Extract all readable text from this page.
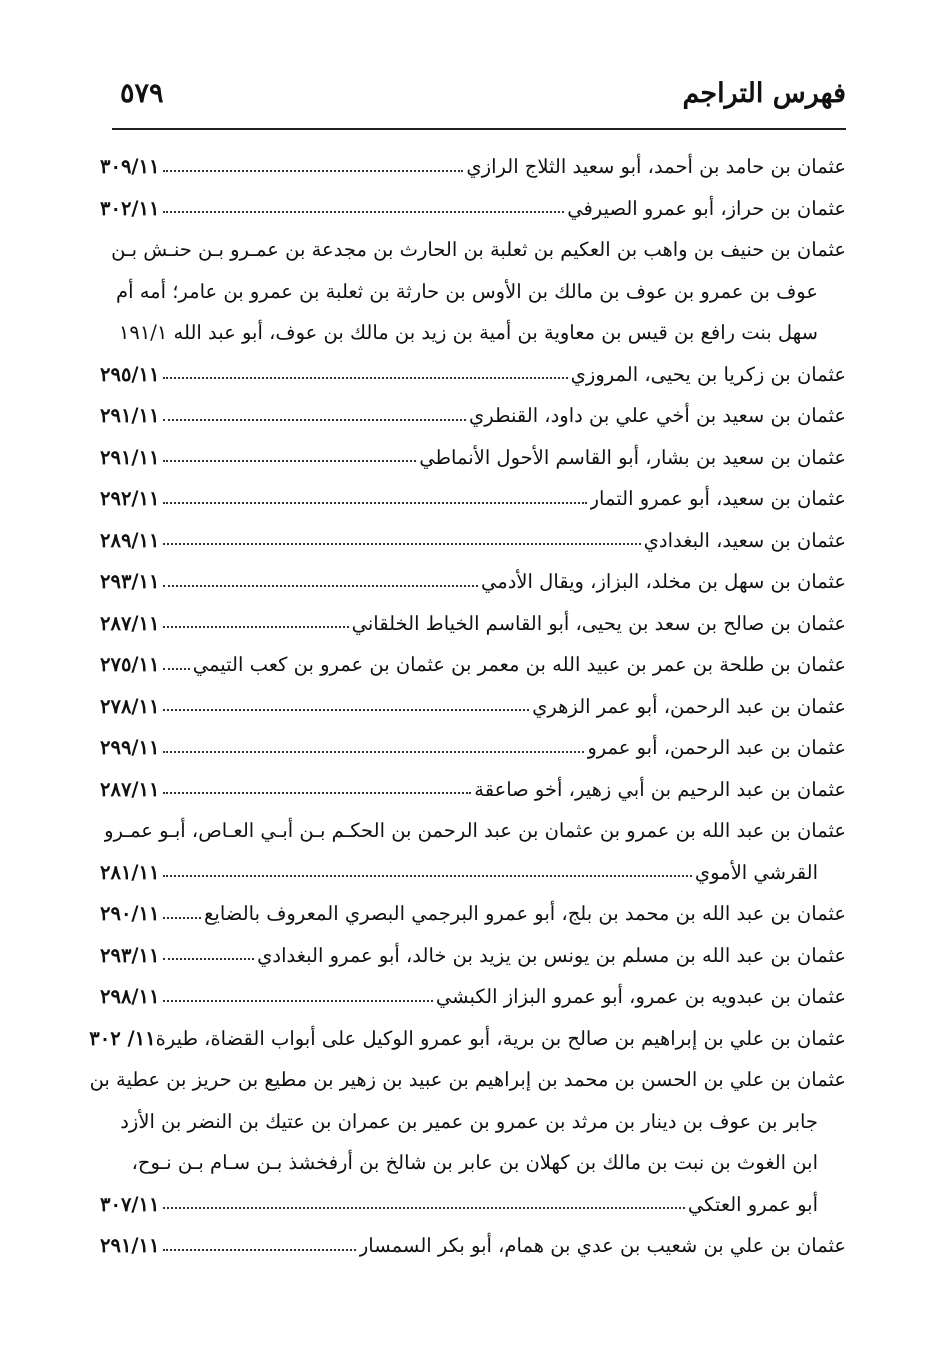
فهرس التراجم
٥٧٩
عثمان بن حامد بن أحمد، أبو سعيد الثلاج الرازي
٣٠٩/١١
عثمان بن حراز، أبو عمرو الصيرفي
٣٠٢/١١
عثمان بن حنيف بن واهب بن العكيم بن ثعلبة بن الحارث بن مجدعة بن عمـرو بـن حنـش بـن
عوف بن عمرو بن عوف بن مالك بن الأوس بن حارثة بن ثعلبة بن عمرو بن عامر؛ أمه أم
سهل بنت رافع بن قيس بن معاوية بن أمية بن زيد بن مالك بن عوف، أبو عبد الله ١٩١/١
عثمان بن زكريا بن يحيى، المروزي
٢٩٥/١١
عثمان بن سعيد بن أخي علي بن داود، القنطري
٢٩١/١١
عثمان بن سعيد بن بشار، أبو القاسم الأحول الأنماطي
٢٩١/١١
عثمان بن سعيد، أبو عمرو التمار
٢٩٢/١١
عثمان بن سعيد، البغدادي
٢٨٩/١١
عثمان بن سهل بن مخلد، البزاز، ويقال الأدمي
٢٩٣/١١
عثمان بن صالح بن سعد بن يحيى، أبو القاسم الخياط الخلقاني
٢٨٧/١١
عثمان بن طلحة بن عمر بن عبيد الله بن معمر بن عثمان بن عمرو بن كعب التيمي
٢٧٥/١١
عثمان بن عبد الرحمن، أبو عمر الزهري
٢٧٨/١١
عثمان بن عبد الرحمن، أبو عمرو
٢٩٩/١١
عثمان بن عبد الرحيم بن أبي زهير، أخو صاعقة
٢٨٧/١١
عثمان بن عبد الله بن عمرو بن عثمان بن عبد الرحمن بن الحكـم بـن أبـي العـاص، أبـو عمـرو
القرشي الأموي
٢٨١/١١
عثمان بن عبد الله بن محمد بن بلج، أبو عمرو البرجمي البصري المعروف بالضايع
٢٩٠/١١
عثمان بن عبد الله بن مسلم بن يونس بن يزيد بن خالد، أبو عمرو البغدادي
٢٩٣/١١
عثمان بن عبدويه بن عمرو، أبو عمرو البزاز الكبشي
٢٩٨/١١
عثمان بن علي بن إبراهيم بن صالح بن برية، أبو عمرو الوكيل على أبواب القضاة، طيرة
١١/ ٣٠٢
عثمان بن علي بن الحسن بن محمد بن إبراهيم بن عبيد بن زهير بن مطيع بن حريز بن عطية بن
جابر بن عوف بن دينار بن مرثد بن عمرو بن عمير بن عمران بن عتيك بن النضر بن الأزد
ابن الغوث بن نبت بن مالك بن كهلان بن عابر بن شالخ بن أرفخشذ بـن سـام بـن نـوح،
أبو عمرو العتكي
٣٠٧/١١
عثمان بن علي بن شعيب بن عدي بن همام، أبو بكر السمسار
٢٩١/١١
